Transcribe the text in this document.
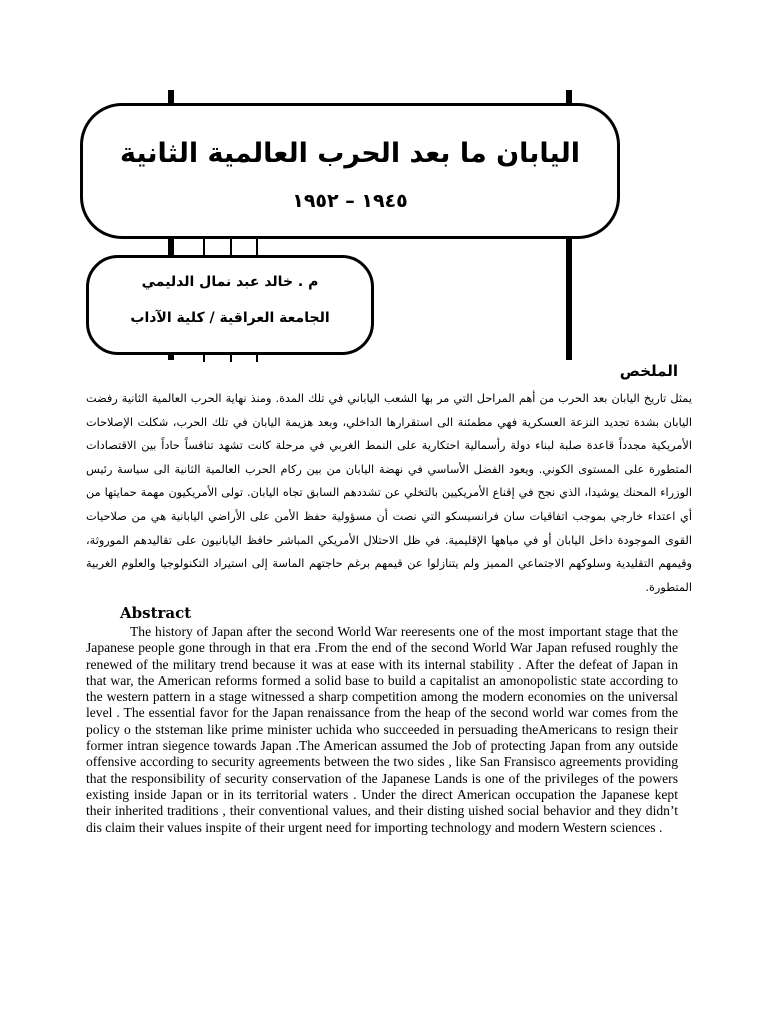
اليابان ما بعد الحرب العالمية الثانية
١٩٤٥ – ١٩٥٢
م . خالد عبد نمال الدليمي
الجامعة العراقية / كلية الآداب
الملخص
يمثل تاريخ اليابان بعد الحرب من أهم المراحل التي مر بها الشعب الياباني في تلك المدة. ومنذ نهاية الحرب العالمية الثانية رفضت اليابان بشدة تجديد النزعة العسكرية فهي مطمئنة الى استقرارها الداخلي، وبعد هزيمة اليابان في تلك الحرب، شكلت الإصلاحات الأمريكية مجدداً قاعدة صلبة لبناء دولة رأسمالية احتكارية على النمط الغربي في مرحلة كانت تشهد تنافساً حاداً بين الاقتصادات المتطورة على المستوى الكوني. ويعود الفضل الأساسي في نهضة اليابان من بين ركام الحرب العالمية الثانية الى سياسة رئيس الوزراء المحنك يوشيدا، الذي نجح في إقناع الأمريكيين بالتخلي عن تشددهم السابق تجاه اليابان. تولى الأمريكيون مهمة حمايتها من أي اعتداء خارجي بموجب اتفاقيات سان فرانسيسكو التي نصت أن مسؤولية حفظ الأمن على الأراضي اليابانية هي من صلاحيات القوى الموجودة داخل اليابان أو في مياهها الإقليمية. في ظل الاحتلال الأمريكي المباشر حافظ اليابانيون على تقاليدهم الموروثة، وقيمهم التقليدية وسلوكهم الاجتماعي المميز ولم يتنازلوا عن قيمهم برغم حاجتهم الماسة إلى استيراد التكنولوجيا والعلوم الغربية المتطورة.
Abstract
The history of Japan after the second World War reeresents one of the most important stage that the Japanese people gone through in that era .From the end of the second World War Japan refused roughly the renewed of the military trend because it was at ease with its internal stability . After the defeat of Japan in that war, the American reforms formed a solid base to build a capitalist an amonopolistic state according to the western pattern in a stage witnessed a sharp competition among the modern economies on the universal level . The essential favor for the Japan renaissance from the heap of the second world war comes from the policy o the ststeman like prime minister uchida who succeeded in persuading theAmericans to resign their former intran siegence towards Japan .The American assumed the Job of protecting Japan from any outside offensive according to security agreements between the two sides , like San Fransisco agreements providing that the responsibility of security conservation of the Japanese Lands is one of the privileges of the powers existing inside Japan or in its territorial waters . Under the direct American occupation the Japanese kept their inherited traditions , their conventional values, and their disting uished social behavior and they didn’t dis claim their values inspite of their urgent need for importing technology and modern Western sciences .
